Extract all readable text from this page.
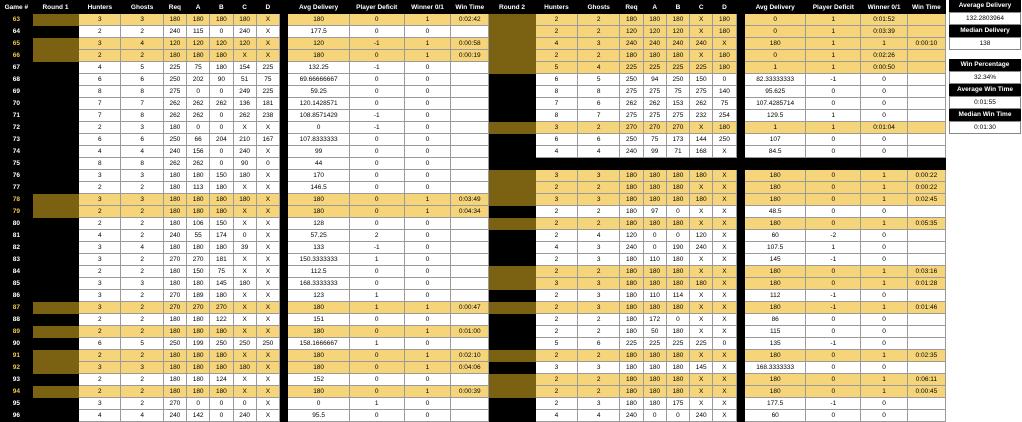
Game #	Round 1	Hunters	Ghosts	Req	A	B	C	D		Avg Delivery	Player Deficit	Winner 0/1	Win Time	Round 2	Hunters	Ghosts	Req	A	B	C	D		Avg Delivery	Player Deficit	Winner 0/1	Win Time
63		3	3	180	180	180	180	X		180	0	1	0:02:42		2	2	180	180	180	X	180		0	1	0:01:52	
64		2	2	240	115	0	240	X		177.5	0	0			2	2	120	120	120	X	180		0	1	0:03:39	
65		3	4	120	120	120	120	X		120	-1	1	0:00:58		4	3	240	240	240	240	X		180	1	1	0:00:10
66		2	2	180	180	180	X	X		180	0	1	0:00:19		2	2	180	180	180	X	180		0	1	0:02:26	
67		4	5	225	75	180	154	225		132.25	-1	0			5	4	225	225	225	225	180		1	1	0:00:50	
68		6	6	250	202	90	51	75		69.66666667	0	0			6	5	250	94	250	150	0		82.33333333	-1	0	
69		8	8	275	0	0	249	225		59.25	0	0			8	8	275	275	75	275	140		95.625	0	0	
70		7	7	262	262	262	136	181		120.1428571	0	0			7	6	262	262	153	262	75		107.4285714	0	0	
71		7	8	262	262	0	262	238		108.8571429	-1	0			8	7	275	275	275	232	254		129.5	1	0	
72		2	3	180	0	0	X	X		0	-1	0			3	2	270	270	270	X	180		1	1	0:01:04	
73		6	6	250	66	204	210	167		107.8333333	0	0			6	6	250	75	173	144	250		107	0	0	
74		4	4	240	156	0	240	X		99	0	0			4	4	240	99	71	168	X		84.5	0	0	
75		8	8	262	262	0	90	0		44	0	0														
76		3	3	180	180	150	180	X		170	0	0			3	3	180	180	180	180	X		180	0	1	0:00:22
77		2	2	180	113	180	X	X		146.5	0	0			2	2	180	180	180	X	X		180	0	1	0:00:22
78		3	3	180	180	180	180	X		180	0	1	0:03:49		3	3	180	180	180	180	X		180	0	1	0:02:45
79		2	2	180	180	180	X	X		180	0	1	0:04:34		2	2	180	97	0	X	X		48.5	0	0	
80		2	2	180	106	150	X	X		128	0	0			2	2	180	180	180	X	X		180	0	1	0:05:35
81		4	2	240	55	174	0	X		57.25	2	0			2	4	120	0	0	120	X		60	-2	0	
82		3	4	180	180	180	39	X		133	-1	0			4	3	240	0	190	240	X		107.5	1	0	
83		3	2	270	270	181	X	X		150.3333333	1	0			2	3	180	110	180	X	X		145	-1	0	
84		2	2	180	150	75	X	X		112.5	0	0			2	2	180	180	180	X	X		180	0	1	0:03:16
85		3	3	180	180	145	180	X		168.3333333	0	0			3	3	180	180	180	180	X		180	0	1	0:01:28
86		3	2	270	189	180	X	X		123	1	0			2	3	180	110	114	X	X		112	-1	0	
87		3	2	270	270	270	X	X		180	1	1	0:00:47		2	3	180	180	180	X	X		180	-1	1	0:01:46
88		2	2	180	180	122	X	X		151	0	0			2	2	180	172	0	X	X		86	0	0	
89		2	2	180	180	180	X	X		180	0	1	0:01:00		2	2	180	50	180	X	X		115	0	0	
90		6	5	250	199	250	250	250		158.1666667	1	0			5	6	225	225	225	225	0		135	-1	0	
91		2	2	180	180	180	X	X		180	0	1	0:02:10		2	2	180	180	180	X	X		180	0	1	0:02:35
92		3	3	180	180	180	180	X		180	0	1	0:04:06		3	3	180	180	180	145	X		168.3333333	0	0	
93		2	2	180	180	124	X	X		152	0	0			2	2	180	180	180	X	X		180	0	1	0:06:11
94		2	2	180	180	180	X	X		180	0	1	0:00:39		2	2	180	180	180	X	X		180	0	1	0:00:45
95		3	2	270	0	0	0	X		0	1	0			2	3	180	180	175	X	X		177.5	-1	0	
96		4	4	240	142	0	240	X		95.5	0	0			4	4	240	0	0	240	X		60	0	0	
Average Delivery
132.2803964
Median Delivery
138
Win Percentage
32.34%
Average Win Time
0:01:55
Median Win Time
0:01:30
